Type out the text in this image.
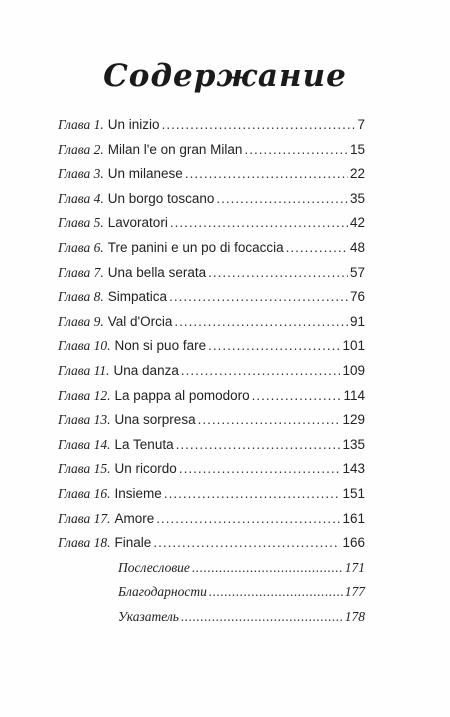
Содержание
Глава 1. Un inizio .....	7
Глава 2. Milan l'e on gran Milan .....	15
Глава 3. Un milanese .....	22
Глава 4. Un borgo toscano .....	35
Глава 5. Lavoratori .....	42
Глава 6. Tre panini e un po di focaccia .....	48
Глава 7. Una bella serata .....	57
Глава 8. Simpatica .....	76
Глава 9. Val d'Orcia .....	91
Глава 10. Non si puo fare .....	101
Глава 11. Una danza .....	109
Глава 12. La pappa al pomodoro .....	114
Глава 13. Una sorpresa .....	129
Глава 14. La Tenuta .....	135
Глава 15. Un ricordo .....	143
Глава 16. Insieme .....	151
Глава 17. Amore .....	161
Глава 18. Finale .....	166
Послесловие .....	171
Благодарности .....	177
Указатель .....	178
